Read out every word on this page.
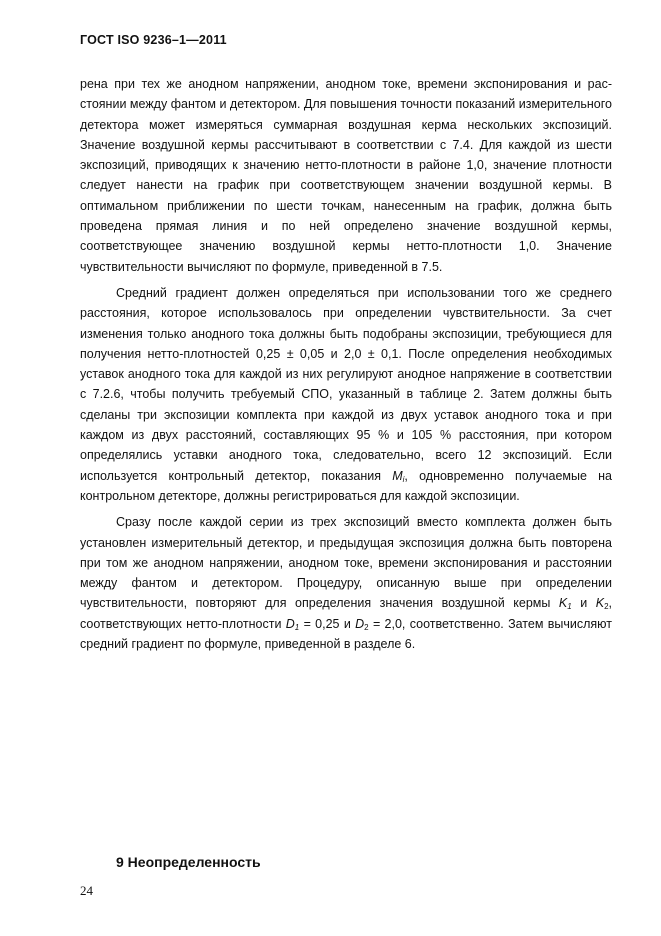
ГОСТ ISO 9236–1—2011

рена при тех же анодном напряжении, анодном токе, времени экспонирования и расстоянии между фантом и детектором. Для повышения точности показаний измерительного детектора может измеряться суммарная воздушная керма нескольких экспозиций. Значение воздушной кермы рассчитывают в соответствии с 7.4. Для каждой из шести экспозиций, приводящих к значению нетто-плотности в районе 1,0, значение плотности следует нанести на график при соответствующем значении воздушной кермы. В оптимальном приближении по шести точкам, нанесенным на график, должна быть проведена прямая линия и по ней определено значение воздушной кермы, соответствующее значению воздушной кермы нетто-плотности 1,0. Значение чувствительности вычисляют по формуле, приведенной в 7.5.

Средний градиент должен определяться при использовании того же среднего расстояния, которое использовалось при определении чувствительности. За счет изменения только анодного тока должны быть подобраны экспозиции, требующиеся для получения нетто-плотностей 0,25 ± 0,05 и 2,0 ± 0,1. После определения необходимых уставок анодного тока для каждой из них регулируют анодное напряжение в соответствии с 7.2.6, чтобы получить требуемый СПО, указанный в таблице 2. Затем должны быть сделаны три экспозиции комплекта при каждой из двух уставок анодного тока и при каждом из двух расстояний, составляющих 95 % и 105 % расстояния, при котором определялись уставки анодного тока, следовательно, всего 12 экспозиций. Если используется контрольный детектор, показания $M_i$, одновременно получаемые на контрольном детекторе, должны регистрироваться для каждой экспозиции.

Сразу после каждой серии из трех экспозиций вместо комплекта должен быть установлен измерительный детектор, и предыдущая экспозиция должна быть повторена при том же анодном напряжении, анодном токе, времени экспонирования и расстоянии между фантом и детектором. Процедуру, описанную выше при определении чувствительности, повторяют для определения значения воздушной кермы $K_1$ и $K_2$, соответствующих нетто-плотности $D_1 = 0,25$ и $D_2 = 2,0$, соответственно. Затем вычисляют средний градиент по формуле, приведенной в разделе 6.

9 Неопределенность
24
